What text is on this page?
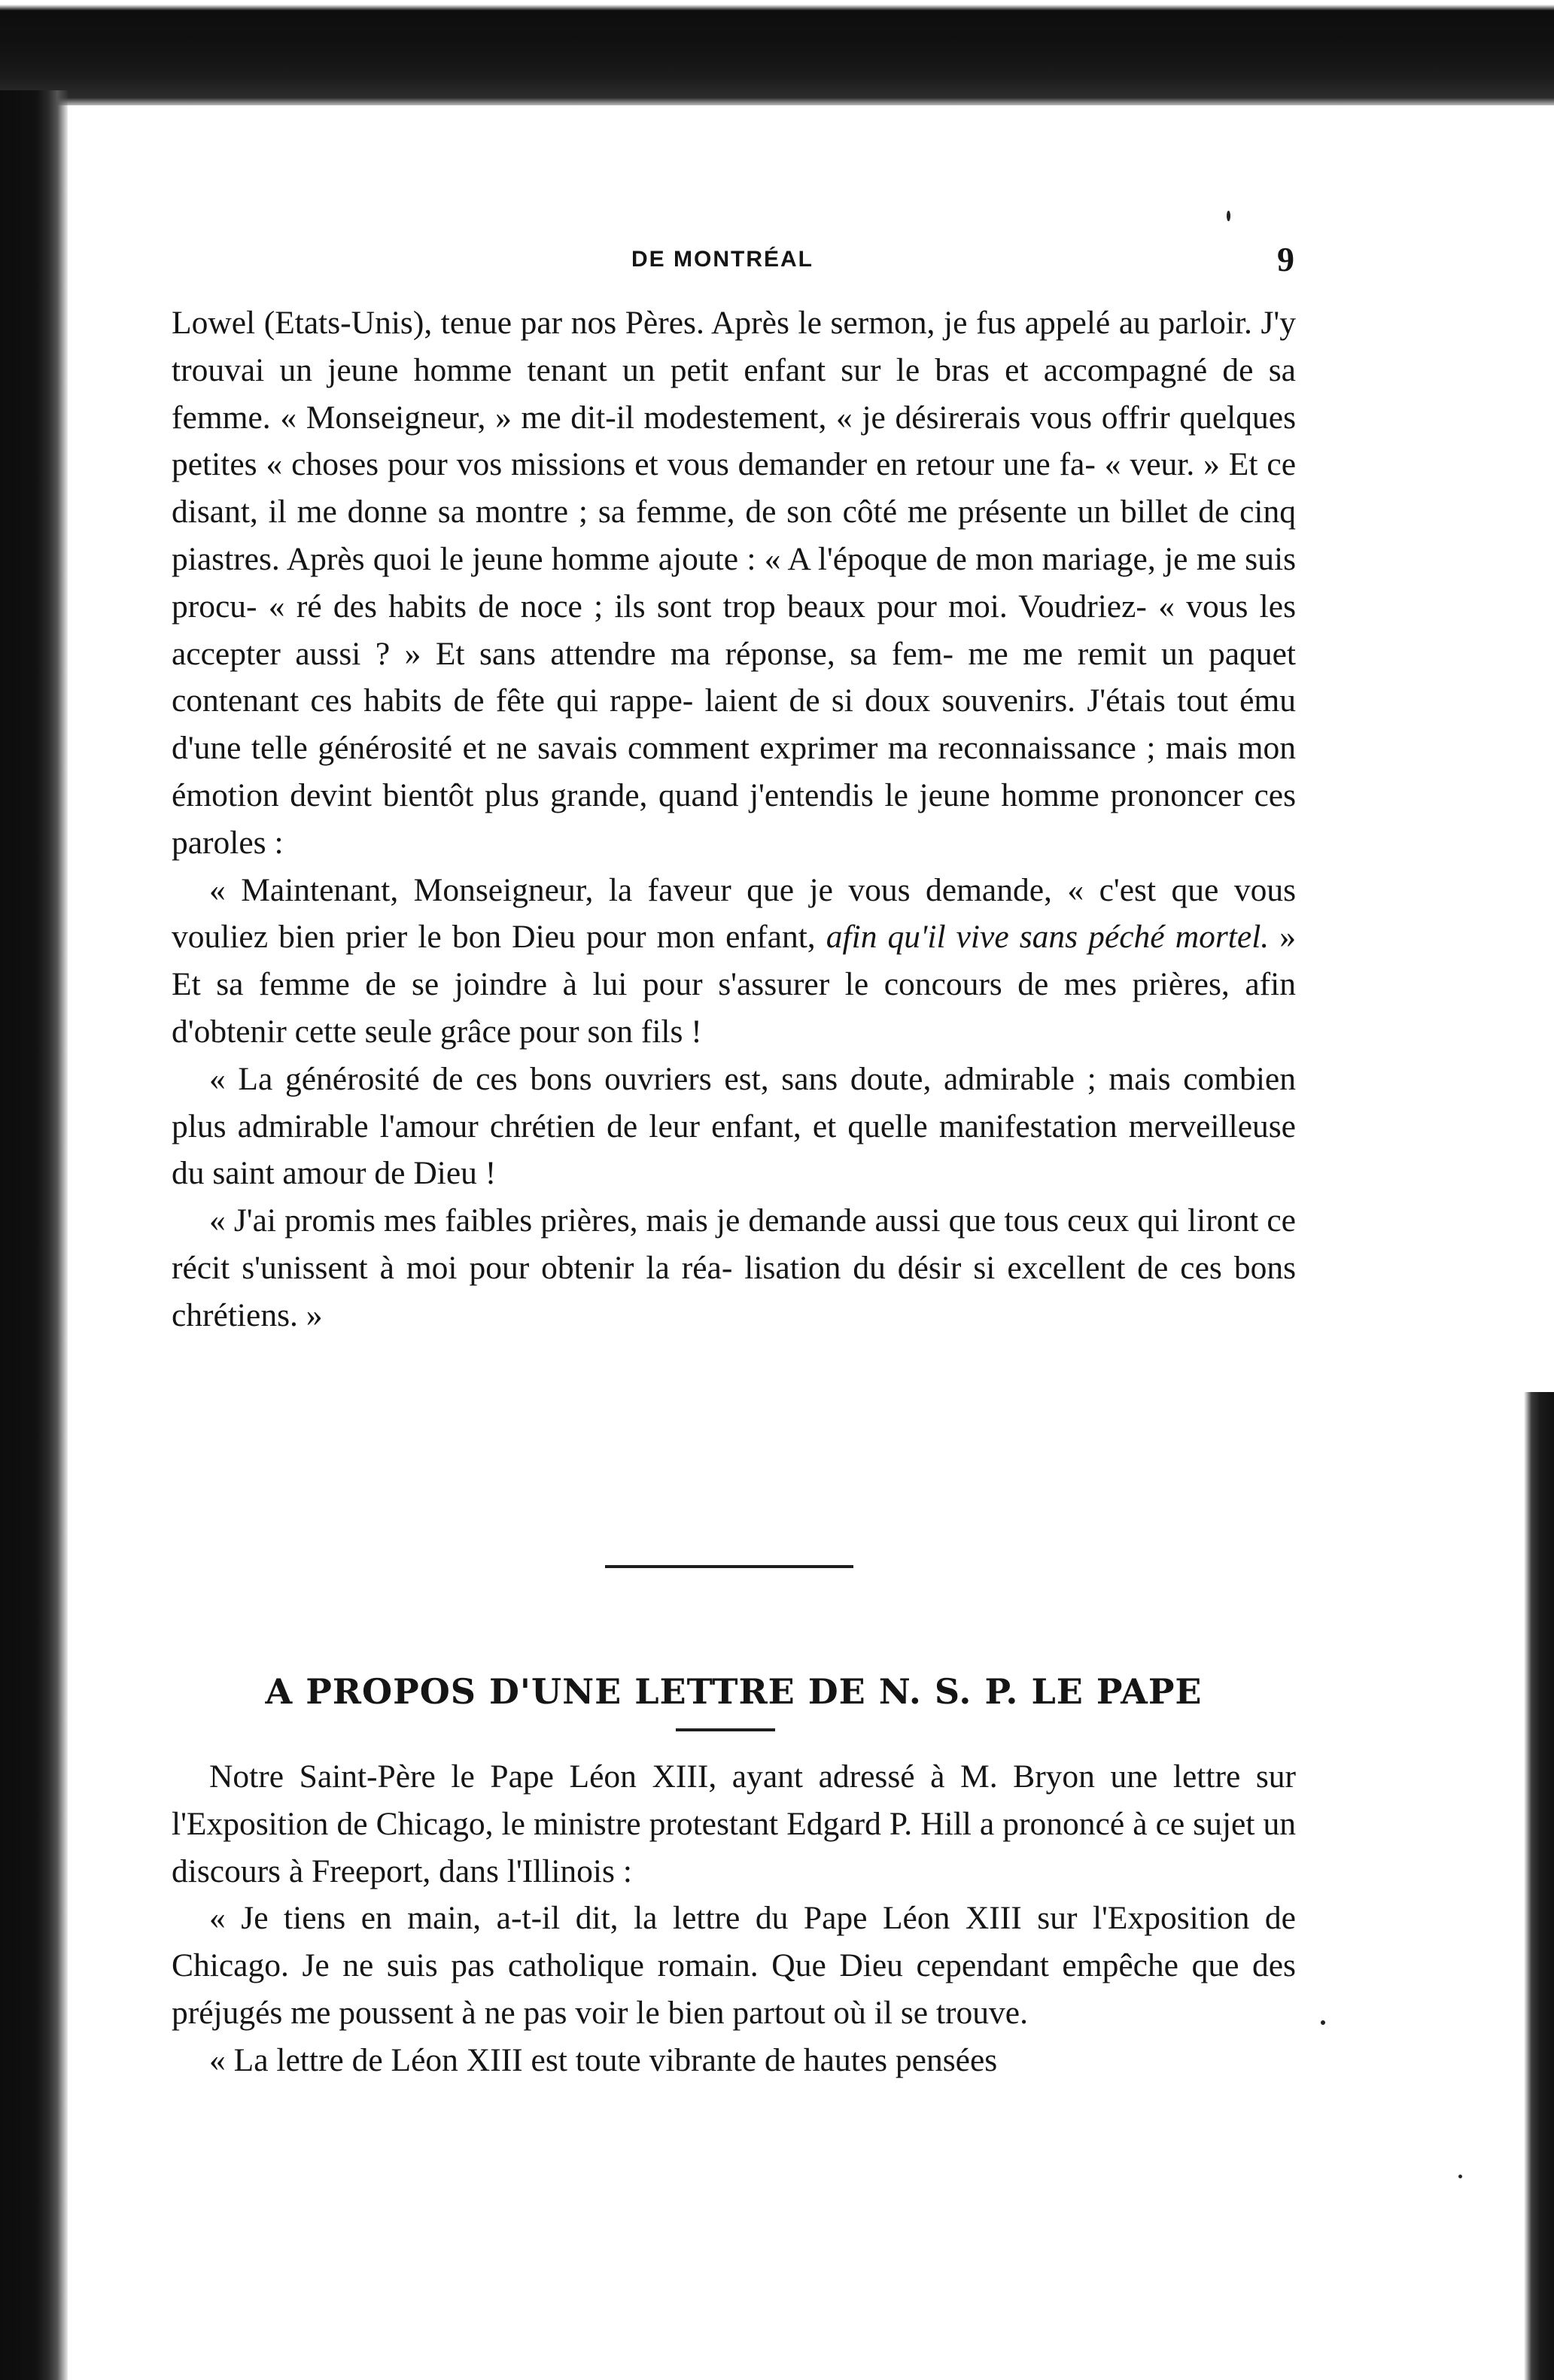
DE MONTRÉAL	9

Lowel (Etats-Unis), tenue par nos Pères. Après le sermon, je fus appelé au parloir. J'y trouvai un jeune homme tenant un petit enfant sur le bras et accompagné de sa femme. « Monseigneur, » me dit-il modestement, « je désirerais vous offrir quelques petites « choses pour vos missions et vous demander en retour une fa- « veur. » Et ce disant, il me donne sa montre ; sa femme, de son côté me présente un billet de cinq piastres. Après quoi le jeune homme ajoute : « A l'époque de mon mariage, je me suis procu- « ré des habits de noce ; ils sont trop beaux pour moi. Voudriez- « vous les accepter aussi ? » Et sans attendre ma réponse, sa fem- me me remit un paquet contenant ces habits de fête qui rappe- laient de si doux souvenirs. J'étais tout ému d'une telle générosité et ne savais comment exprimer ma reconnaissance ; mais mon émotion devint bientôt plus grande, quand j'entendis le jeune homme prononcer ces paroles :

« Maintenant, Monseigneur, la faveur que je vous demande, « c'est que vous vouliez bien prier le bon Dieu pour mon enfant, afin qu'il vive sans péché mortel. » Et sa femme de se joindre à lui pour s'assurer le concours de mes prières, afin d'obtenir cette seule grâce pour son fils !

« La générosité de ces bons ouvriers est, sans doute, admirable ; mais combien plus admirable l'amour chrétien de leur enfant, et quelle manifestation merveilleuse du saint amour de Dieu !

« J'ai promis mes faibles prières, mais je demande aussi que tous ceux qui liront ce récit s'unissent à moi pour obtenir la réa- lisation du désir si excellent de ces bons chrétiens. »

A PROPOS D'UNE LETTRE DE N. S. P. LE PAPE

Notre Saint-Père le Pape Léon XIII, ayant adressé à M. Bryon une lettre sur l'Exposition de Chicago, le ministre protestant Edgard P. Hill a prononcé à ce sujet un discours à Freeport, dans l'Illinois :

« Je tiens en main, a-t-il dit, la lettre du Pape Léon XIII sur l'Exposition de Chicago. Je ne suis pas catholique romain. Que Dieu cependant empêche que des préjugés me poussent à ne pas voir le bien partout où il se trouve.

« La lettre de Léon XIII est toute vibrante de hautes pensées
